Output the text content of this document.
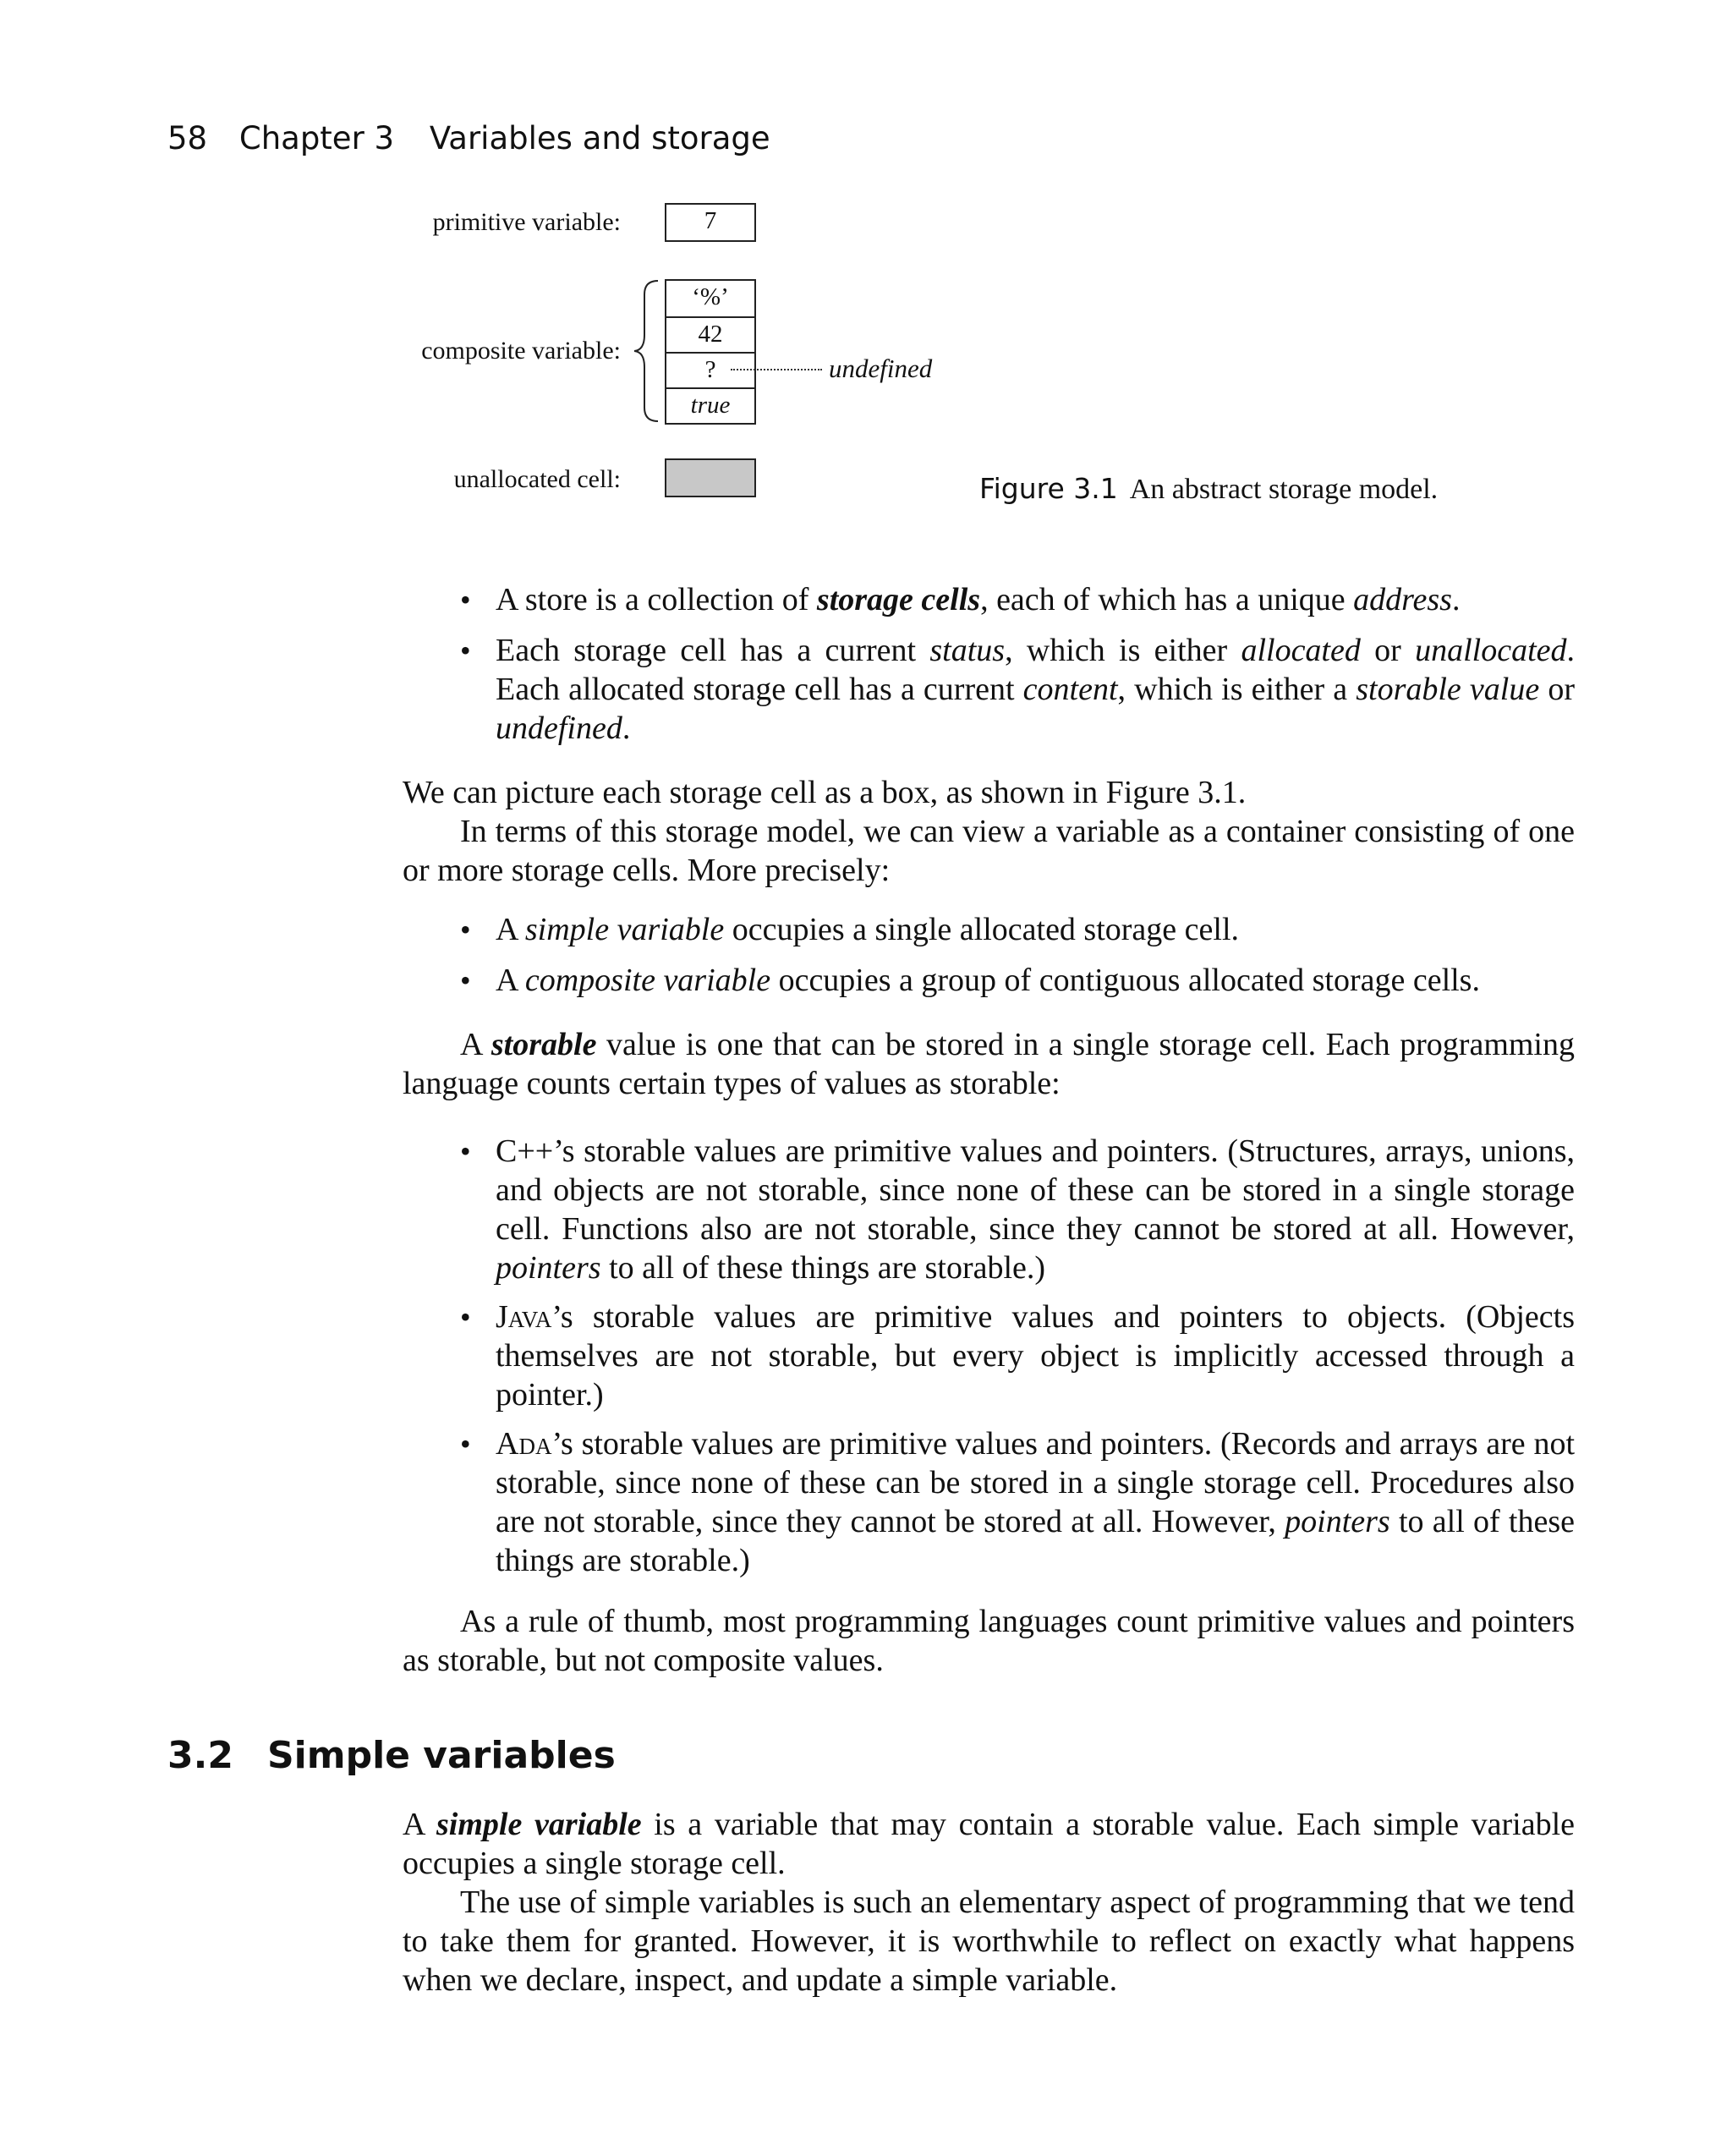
58 Chapter 3 Variables and storage
primitive variable:	7
composite variable:
‘%’
42
?
true
undefined
unallocated cell:	Figure 3.1 An abstract storage model.
• A store is a collection of storage cells, each of which has a unique address.
• Each storage cell has a current status, which is either allocated or unallocated. Each allocated storage cell has a current content, which is either a storable value or undefined.

We can picture each storage cell as a box, as shown in Figure 3.1.

In terms of this storage model, we can view a variable as a container consisting of one or more storage cells. More precisely:

• A simple variable occupies a single allocated storage cell.
• A composite variable occupies a group of contiguous allocated storage cells.

A storable value is one that can be stored in a single storage cell. Each programming language counts certain types of values as storable:

• C++’s storable values are primitive values and pointers. (Structures, arrays, unions, and objects are not storable, since none of these can be stored in a single storage cell. Functions also are not storable, since they cannot be stored at all. However, pointers to all of these things are storable.)
• Java’s storable values are primitive values and pointers to objects. (Objects themselves are not storable, but every object is implicitly accessed through a pointer.)
• Ada’s storable values are primitive values and pointers. (Records and arrays are not storable, since none of these can be stored in a single storage cell. Procedures also are not storable, since they cannot be stored at all. However, pointers to all of these things are storable.)

As a rule of thumb, most programming languages count primitive values and pointers as storable, but not composite values.

3.2 Simple variables

A simple variable is a variable that may contain a storable value. Each simple variable occupies a single storage cell.

The use of simple variables is such an elementary aspect of programming that we tend to take them for granted. However, it is worthwhile to reflect on exactly what happens when we declare, inspect, and update a simple variable.
